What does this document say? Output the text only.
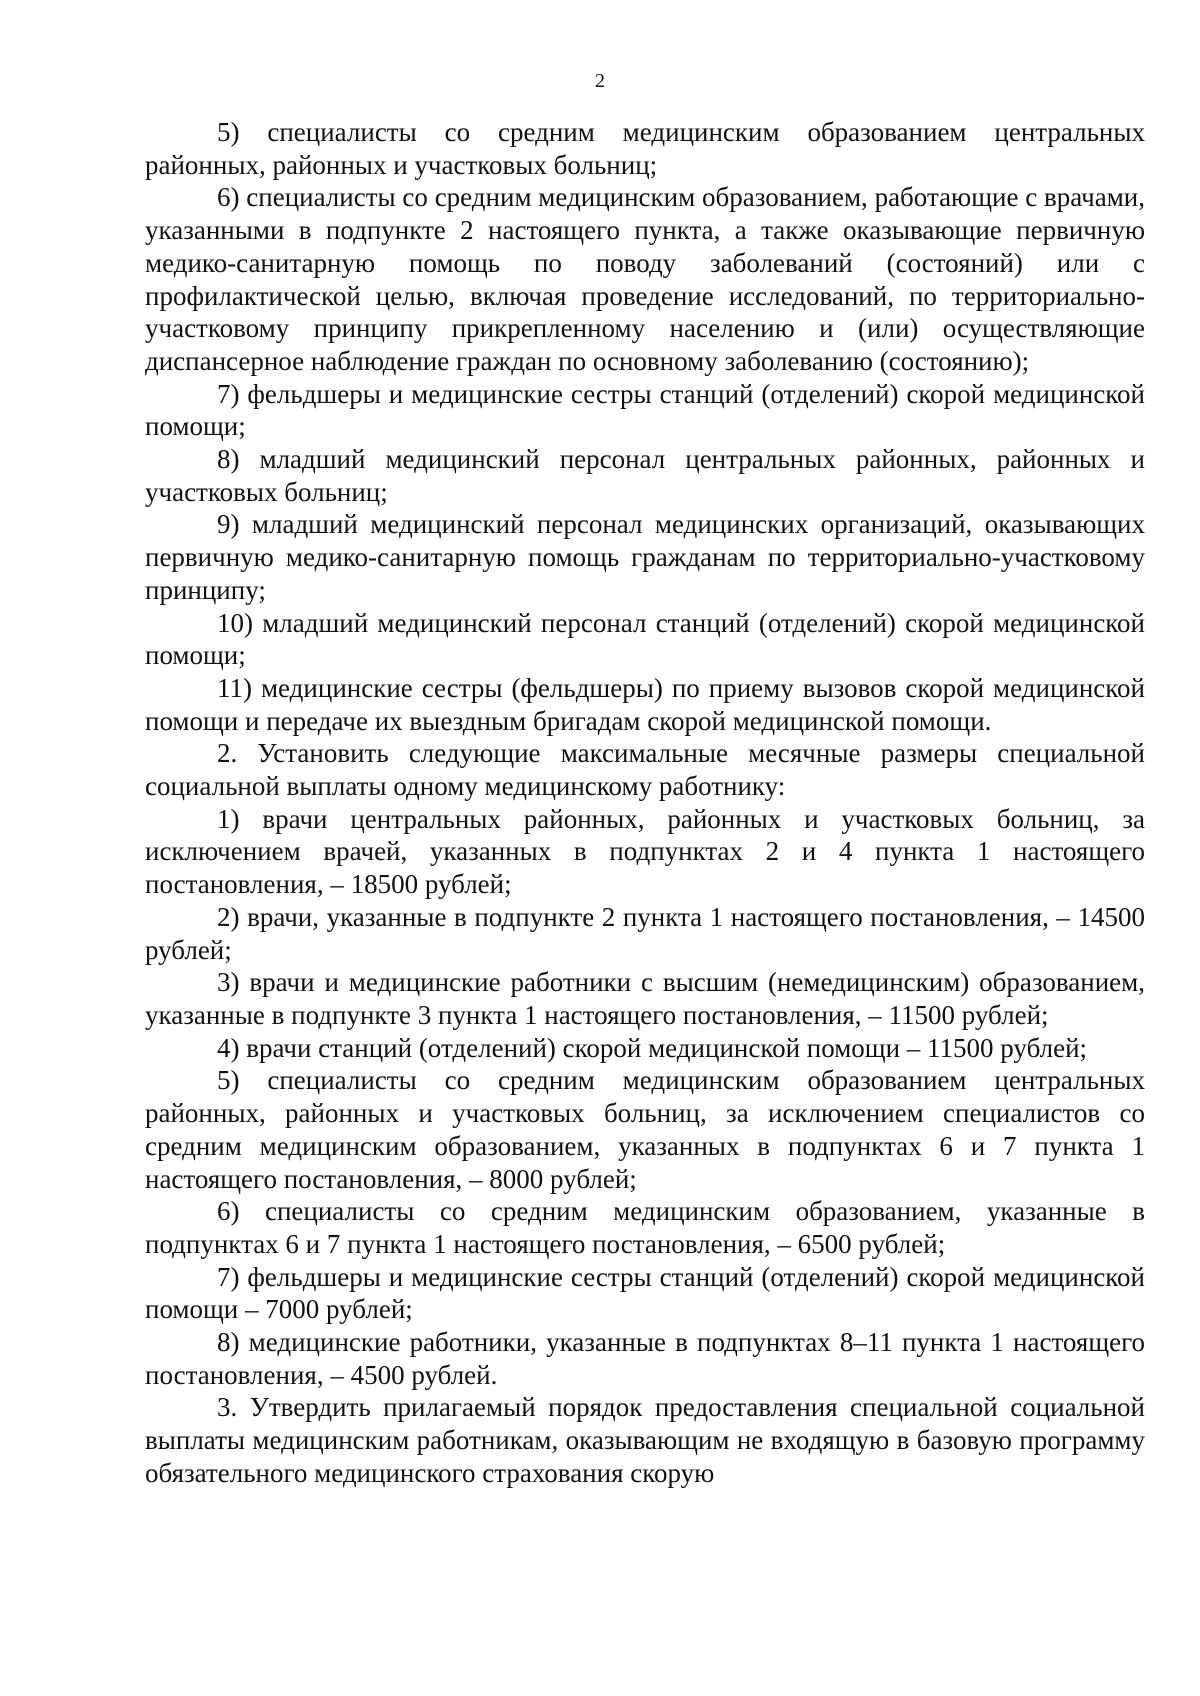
2

5) специалисты со средним медицинским образованием центральных районных, районных и участковых больниц;

6) специалисты со средним медицинским образованием, работающие с врачами, указанными в подпункте 2 настоящего пункта, а также оказывающие первичную медико-санитарную помощь по поводу заболеваний (состояний) или с профилактической целью, включая проведение исследований, по территориально-участковому принципу прикрепленному населению и (или) осуществляющие диспансерное наблюдение граждан по основному заболеванию (состоянию);

7) фельдшеры и медицинские сестры станций (отделений) скорой медицинской помощи;

8) младший медицинский персонал центральных районных, районных и участковых больниц;

9) младший медицинский персонал медицинских организаций, оказывающих первичную медико-санитарную помощь гражданам по территориально-участковому принципу;

10) младший медицинский персонал станций (отделений) скорой медицинской помощи;

11) медицинские сестры (фельдшеры) по приему вызовов скорой медицинской помощи и передаче их выездным бригадам скорой медицинской помощи.

2. Установить следующие максимальные месячные размеры специальной социальной выплаты одному медицинскому работнику:

1) врачи центральных районных, районных и участковых больниц, за исключением врачей, указанных в подпунктах 2 и 4 пункта 1 настоящего постановления, – 18500 рублей;

2) врачи, указанные в подпункте 2 пункта 1 настоящего постановления, – 14500 рублей;

3) врачи и медицинские работники с высшим (немедицинским) образованием, указанные в подпункте 3 пункта 1 настоящего постановления, – 11500 рублей;

4) врачи станций (отделений) скорой медицинской помощи – 11500 рублей;

5) специалисты со средним медицинским образованием центральных районных, районных и участковых больниц, за исключением специалистов со средним медицинским образованием, указанных в подпунктах 6 и 7 пункта 1 настоящего постановления, – 8000 рублей;

6) специалисты со средним медицинским образованием, указанные в подпунктах 6 и 7 пункта 1 настоящего постановления, – 6500 рублей;

7) фельдшеры и медицинские сестры станций (отделений) скорой медицинской помощи – 7000 рублей;

8) медицинские работники, указанные в подпунктах 8–11 пункта 1 настоящего постановления, – 4500 рублей.

3. Утвердить прилагаемый порядок предоставления специальной социальной выплаты медицинским работникам, оказывающим не входящую в базовую программу обязательного медицинского страхования скорую
